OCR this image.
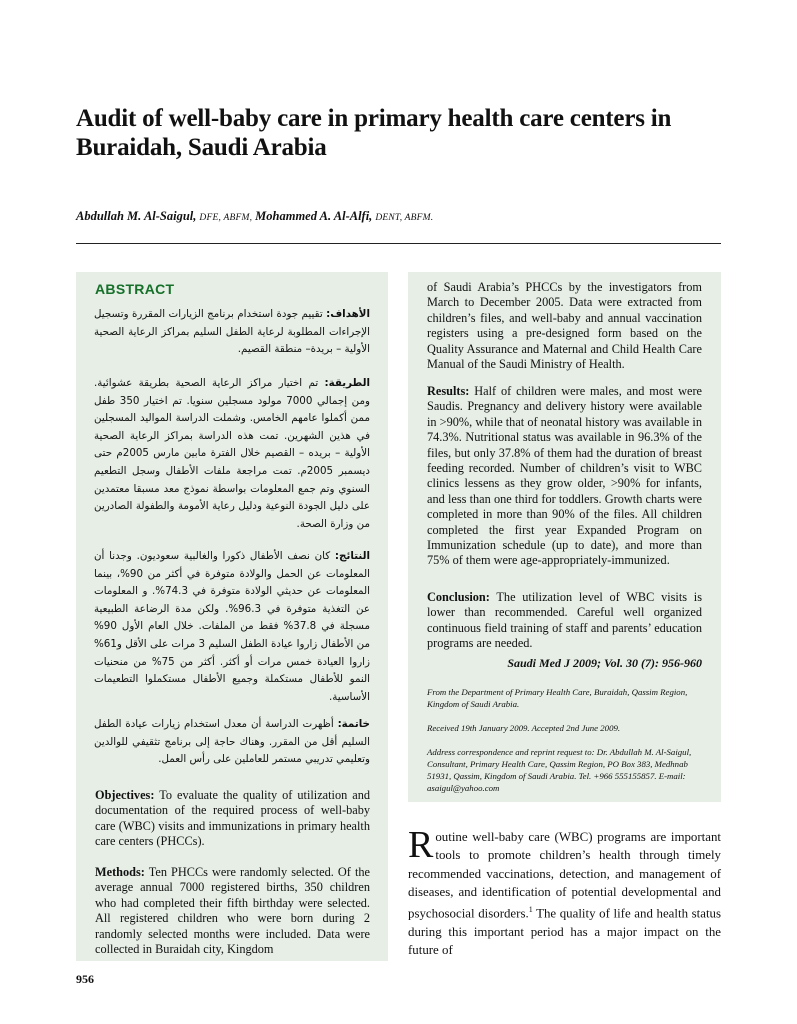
Audit of well-baby care in primary health care centers in Buraidah, Saudi Arabia
Abdullah M. Al-Saigul, DFE, ABFM, Mohammed A. Al-Alfi, DENT, ABFM.
ABSTRACT
الأهداف: تقييم جودة استخدام برنامج الزيارات المقررة وتسجيل الإجراءات المطلوبة لرعاية الطفل السليم بمراكز الرعاية الصحية الأولية – بريدة– منطقة القصيم.
الطريقة: تم اختيار مراكز الرعاية الصحية بطريقة عشوائية. ومن إجمالي 7000 مولود مسجلين سنويا. تم اختيار 350 طفل ممن أكملوا عامهم الخامس. وشملت الدراسة المواليد المسجلين في هذين الشهرين. تمت هذه الدراسة بمراكز الرعاية الصحية الأولية – بريده – القصيم خلال الفترة مابين مارس 2005م حتى ديسمبر 2005م. تمت مراجعة ملفات الأطفال وسجل التطعيم السنوي وتم جمع المعلومات بواسطة نموذج معد مسبقا معتمدين على دليل الجودة النوعية ودليل رعاية الأمومة والطفولة الصادرين من وزارة الصحة.
النتائج: كان نصف الأطفال ذكورا والغالبية سعوديون. وجدنا أن المعلومات عن الحمل والولادة متوفرة في أكثر من 90%، بينما المعلومات عن حديثي الولادة متوفرة في 74.3%. و المعلومات عن التغذية متوفرة في 96.3%. ولكن مدة الرضاعة الطبيعية مسجلة في 37.8% فقط من الملفات. خلال العام الأول 90% من الأطفال زاروا عيادة الطفل السليم 3 مرات على الأقل و61% زاروا العيادة خمس مرات أو أكثر. أكثر من 75% من منحنيات النمو للأطفال مستكملة وجميع الأطفال مستكملوا التطعيمات الأساسية.
خاتمة: أظهرت الدراسة أن معدل استخدام زيارات عيادة الطفل السليم أقل من المقرر. وهناك حاجة إلى برنامج تثقيفي للوالدين وتعليمي تدريبي مستمر للعاملين على رأس العمل.
Objectives: To evaluate the quality of utilization and documentation of the required process of well-baby care (WBC) visits and immunizations in primary health care centers (PHCCs).
Methods: Ten PHCCs were randomly selected. Of the average annual 7000 registered births, 350 children who had completed their fifth birthday were selected. All registered children who were born during 2 randomly selected months were included. Data were collected in Buraidah city, Kingdom
of Saudi Arabia’s PHCCs by the investigators from March to December 2005. Data were extracted from children’s files, and well-baby and annual vaccination registers using a pre-designed form based on the Quality Assurance and Maternal and Child Health Care Manual of the Saudi Ministry of Health.
Results: Half of children were males, and most were Saudis. Pregnancy and delivery history were available in >90%, while that of neonatal history was available in 74.3%. Nutritional status was available in 96.3% of the files, but only 37.8% of them had the duration of breast feeding recorded. Number of children’s visit to WBC clinics lessens as they grow older, >90% for infants, and less than one third for toddlers. Growth charts were completed in more than 90% of the files. All children completed the first year Expanded Program on Immunization schedule (up to date), and more than 75% of them were age-appropriately-immunized.
Conclusion: The utilization level of WBC visits is lower than recommended. Careful well organized continuous field training of staff and parents’ education programs are needed.
Saudi Med J 2009; Vol. 30 (7): 956-960
From the Department of Primary Health Care, Buraidah, Qassim Region, Kingdom of Saudi Arabia.
Received 19th January 2009. Accepted 2nd June 2009.
Address correspondence and reprint request to: Dr. Abdullah M. Al-Saigul, Consultant, Primary Health Care, Qassim Region, PO Box 383, Medhnab 51931, Qassim, Kingdom of Saudi Arabia. Tel. +966 555155857. E-mail: asaigul@yahoo.com
Routine well-baby care (WBC) programs are important tools to promote children’s health through timely recommended vaccinations, detection, and management of diseases, and identification of potential developmental and psychosocial disorders.$^1$ The quality of life and health status during this important period has a major impact on the future of
956
